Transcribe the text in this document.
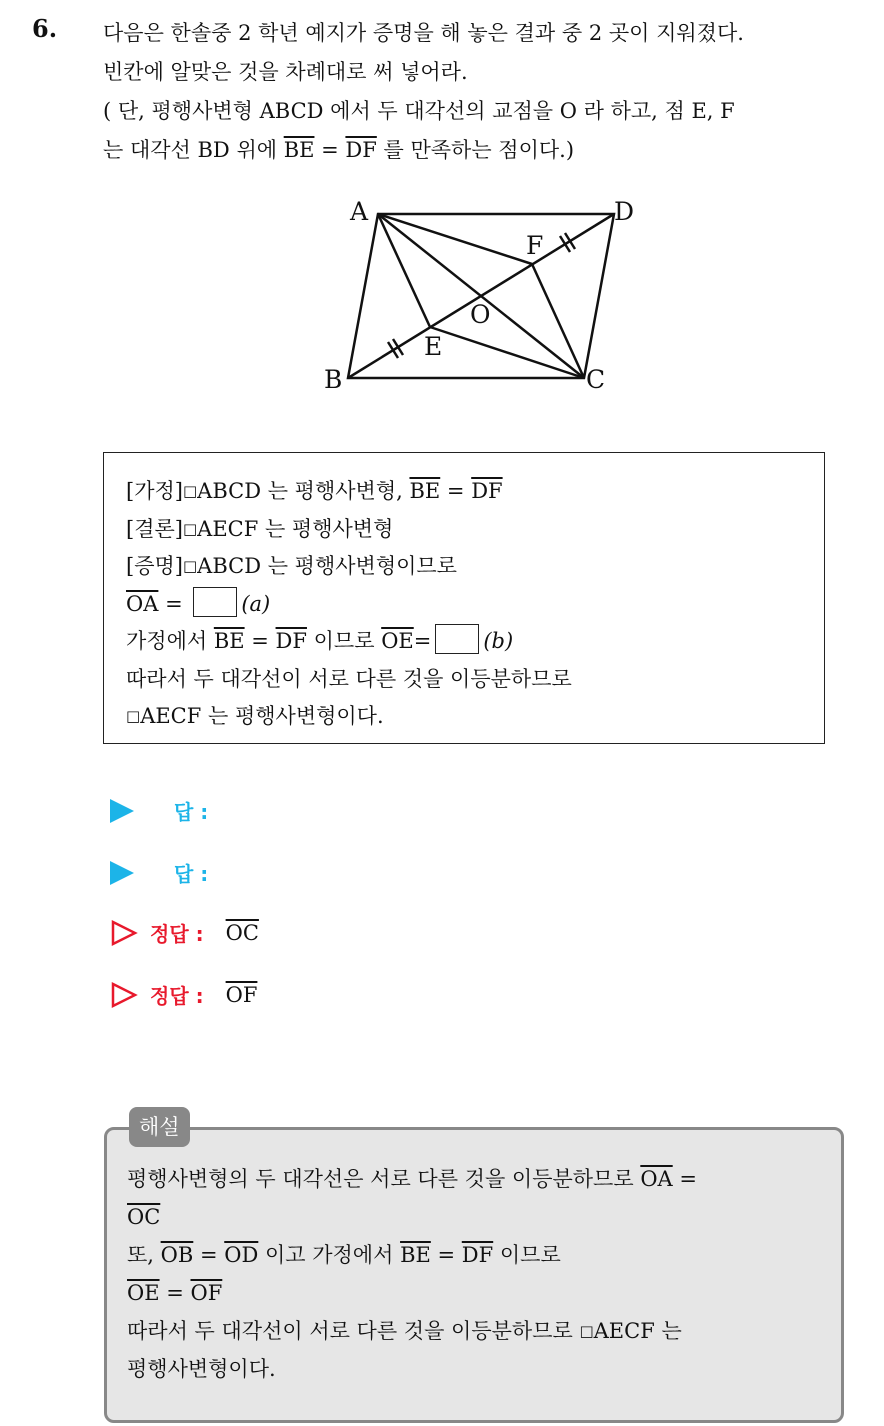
6. 다음은 한솔중 2 학년 예지가 증명을 해 놓은 결과 중 2 곳이 지워졌다.
빈칸에 알맞은 것을 차례대로 써 넣어라.
( 단, 평행사변형 ABCD 에서 두 대각선의 교점을 O 라 하고, 점 E, F
는 대각선 BD 위에 $\overline{BE} = \overline{DF}$ 를 만족하는 점이다.)
A	D
B	C
F
O
E
[가정]□ABCD 는 평행사변형, $\overline{BE} = \overline{DF}$
[결론]□AECF 는 평행사변형
[증명]□ABCD 는 평행사변형이므로
$\overline{OA} = (a)$
가정에서 $\overline{BE} = \overline{DF}$ 이므로 $\overline{OE}= (b)$
따라서 두 대각선이 서로 다른 것을 이등분하므로
□AECF 는 평행사변형이다.
답 :
답 :
정답 : $\overline{OC}$
정답 : $\overline{OF}$
평행사변형의 두 대각선은 서로 다른 것을 이등분하므로 $\overline{OA}$ =
$\overline{OC}$
또, $\overline{OB} = \overline{OD}$ 이고 가정에서 $\overline{BE} = \overline{DF}$ 이므로
$\overline{OE} = \overline{OF}$
따라서 두 대각선이 서로 다른 것을 이등분하므로 □AECF 는
평행사변형이다.
해설
